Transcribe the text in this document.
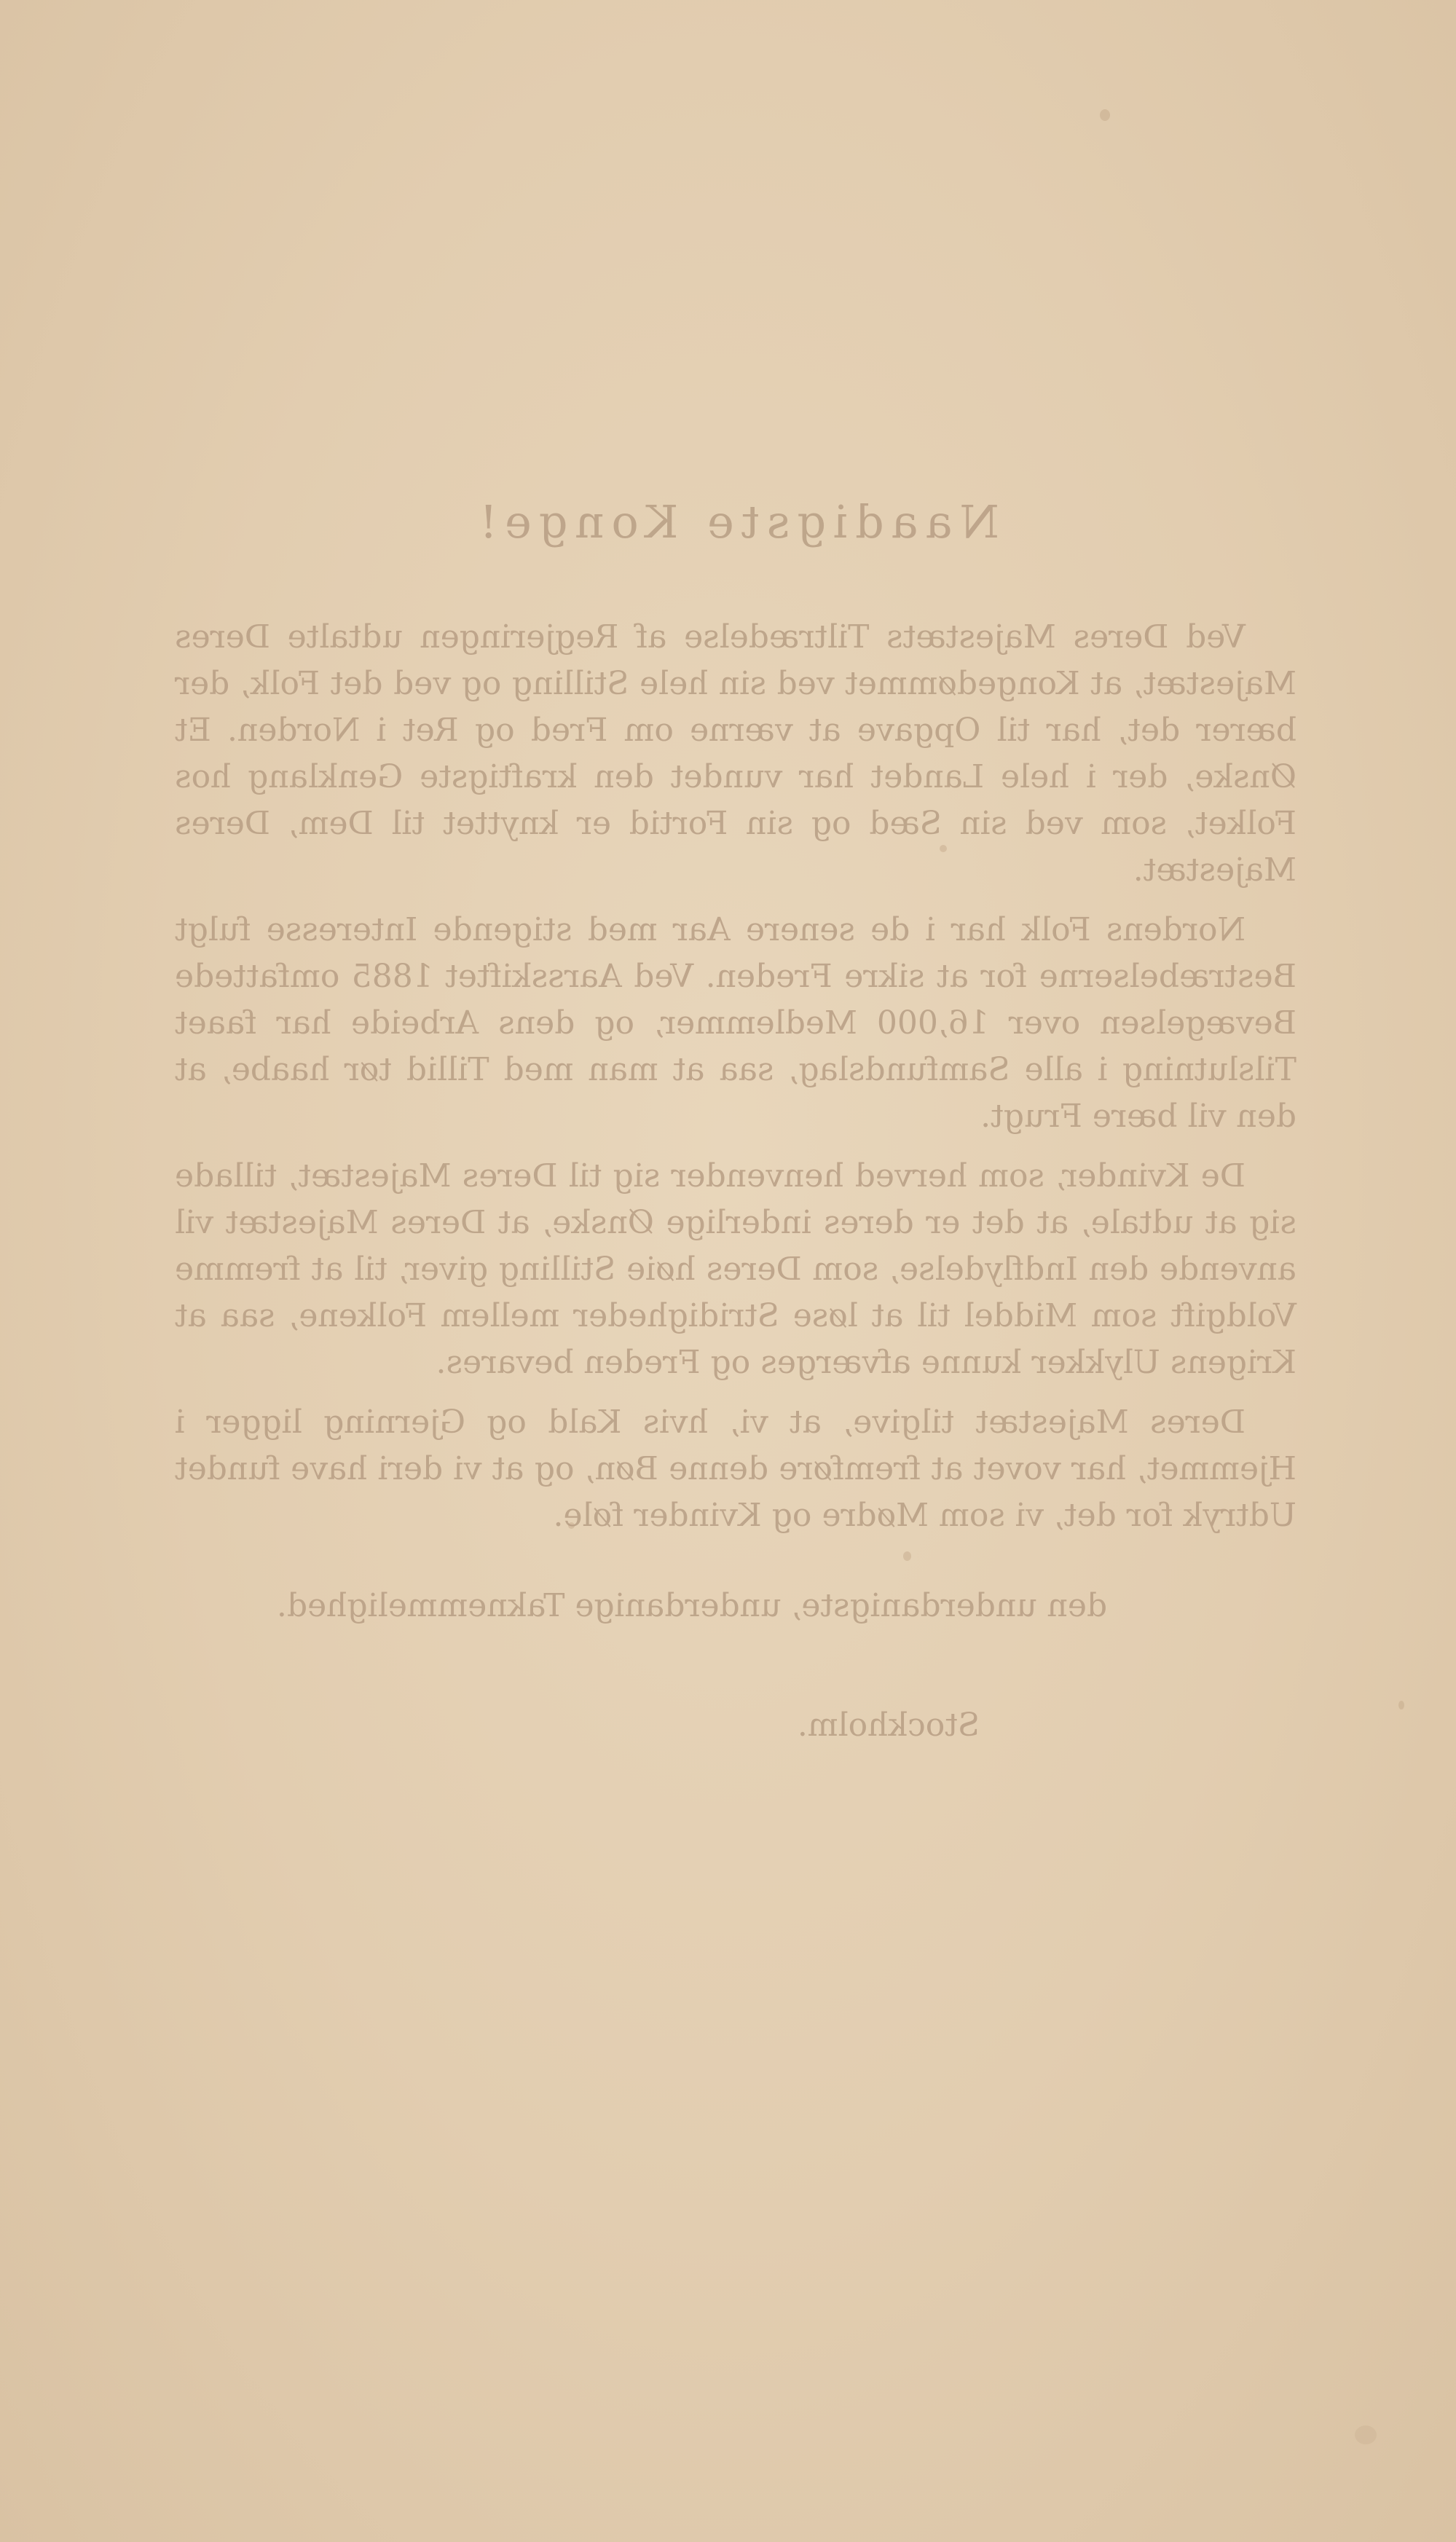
Naadigste Konge!

Ved Deres Majestæts Tiltrædelse af Regjeringen udtalte Deres Majestæt, at Kongedømmet ved sin hele Stilling og ved det Folk, der bærer det, har til Opgave at værne om Fred og Ret i Norden. Et Ønske, der i hele Landet har vundet den kraftigste Genklang hos Folket, som ved sin Sæd og sin Fortid er knyttet til Dem, Deres Majestæt.

Nordens Folk har i de senere Aar med stigende Interesse fulgt Bestræbelserne for at sikre Freden. Ved Aarsskiftet 1885 omfattede Bevægelsen over 16,000 Medlemmer, og dens Arbeide har faaet Tilslutning i alle Samfundslag, saa at man med Tillid tør haabe, at den vil bære Frugt.

De Kvinder, som herved henvender sig til Deres Majestæt, tillade sig at udtale, at det er deres inderlige Ønske, at Deres Majestæt vil anvende den Indflydelse, som Deres høie Stilling giver, til at fremme Voldgift som Middel til at løse Stridigheder mellem Folkene, saa at Krigens Ulykker kunne afværges og Freden bevares.

Deres Majestæt tilgive, at vi, hvis Kald og Gjerning ligger i Hjemmet, har vovet at fremføre denne Bøn, og at vi deri have fundet Udtryk for det, vi som Mødre og Kvinder føle.

den underdanigste, underdanige Taknemmelighed.
Stockholm.
